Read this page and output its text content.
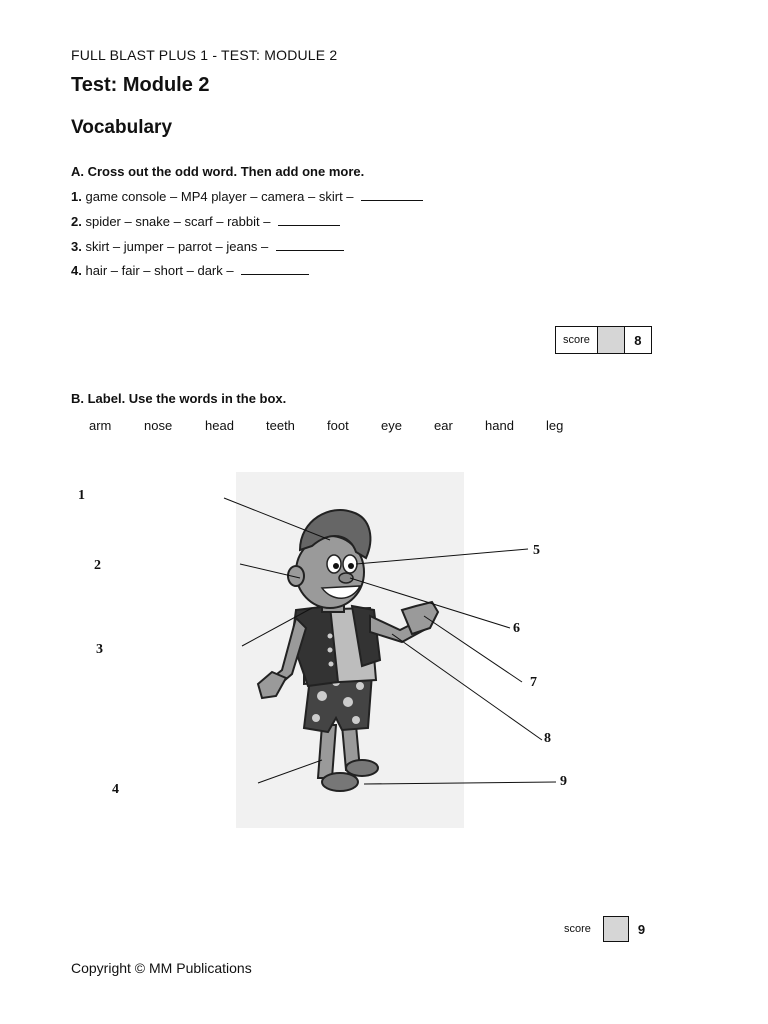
FULL BLAST PLUS 1 - TEST: MODULE 2
Test: Module 2
Vocabulary
A. Cross out the odd word. Then add one more.
1. game console – MP4 player – camera – skirt –
2. spider – snake – scarf – rabbit –
3. skirt – jumper – parrot – jeans –
4. hair – fair – short – dark –
score	8
B. Label. Use the words in the box.
arm	nose	head	teeth	foot	eye	ear	hand	leg
1
2
3
4
5
6
7
8
9
score	9
Copyright © MM Publications
